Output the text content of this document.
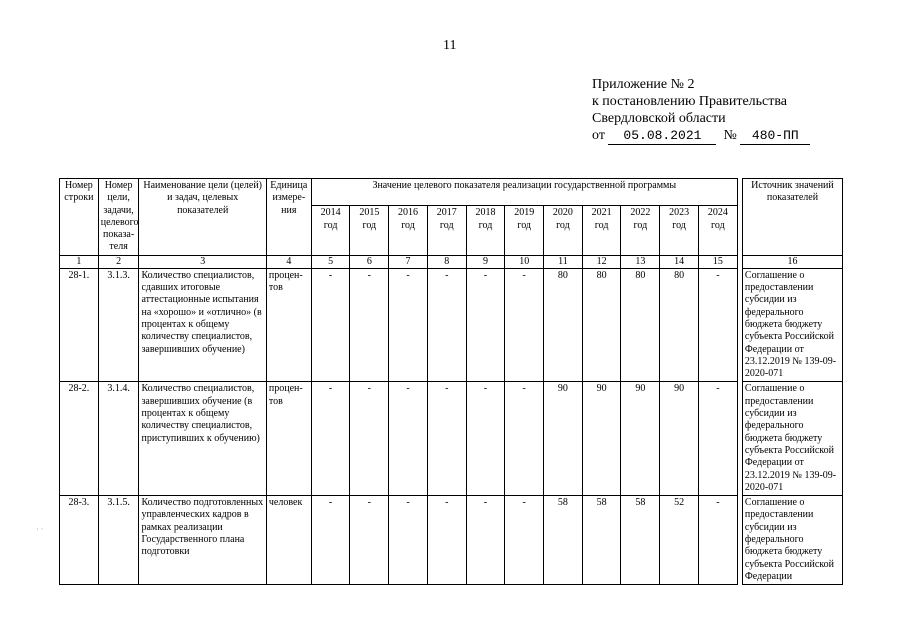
11
Приложение № 2
к постановлению Правительства
Свердловской области
от 05.08.2021 № 480-ПП
Номер строки	Номер цели, задачи, целевого показа-теля	Наименование цели (целей) и задач, целевых показателей	Единица измере-ния	Значение целевого показателя реализации государственной программы												Источник значений показателей
				2014 год	2015 год	2016 год	2017 год	2018 год	2019 год	2020 год	2021 год	2022 год	2023 год	2024 год		
1	2	3	4	5	6	7	8	9	10	11	12	13	14	15		16
28-1.	3.1.3.	Количество специалистов, сдавших итоговые аттестационные испытания на «хорошо» и «отлично» (в процентах к общему количеству специалистов, завершивших обучение)	процен-тов	-	-	-	-	-	-	80	80	80	80	-		Соглашение о предоставлении субсидии из федерального бюджета бюджету субъекта Российской Федерации от 23.12.2019 № 139-09-2020-071
28-2.	3.1.4.	Количество специалистов, завершивших обучение (в процентах к общему количеству специалистов, приступивших к обучению)	процен-тов	-	-	-	-	-	-	90	90	90	90	-		Соглашение о предоставлении субсидии из федерального бюджета бюджету субъекта Российской Федерации от 23.12.2019 № 139-09-2020-071
28-3.	3.1.5.	Количество подготовленных управленческих кадров в рамках реализации Государственного плана подготовки	человек	-	-	-	-	-	-	58	58	58	52	-		Соглашение о предоставлении субсидии из федерального бюджета бюджету субъекта Российской Федерации
· ·
